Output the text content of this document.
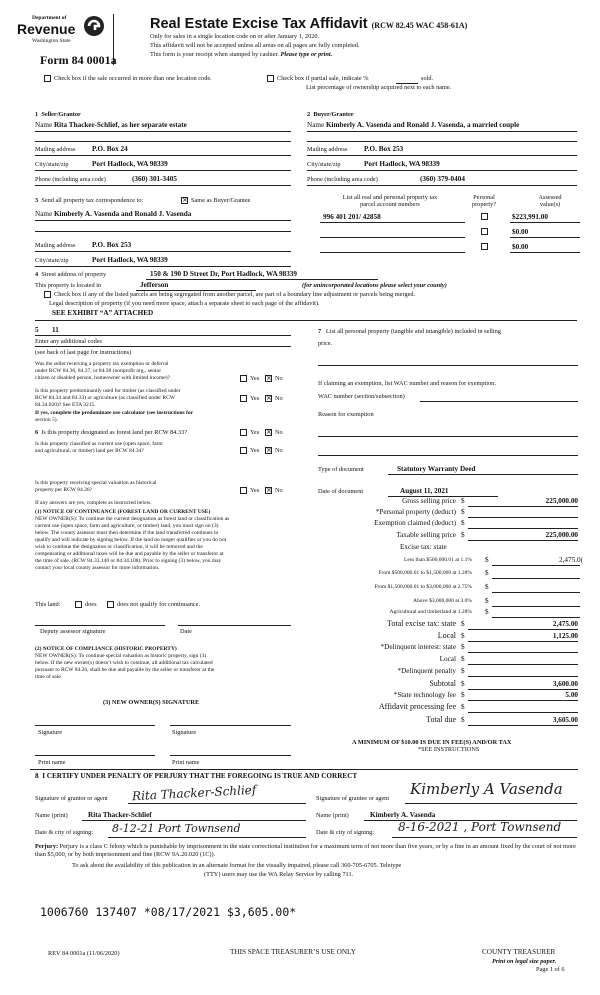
Department of
Revenue
Washington State
Form 84 0001a
Real Estate Excise Tax Affidavit (RCW 82.45 WAC 458-61A)
Only for sales in a single location code on or after January 1, 2020.
This affidavit will not be accepted unless all areas on all pages are fully completed.
This form is your receipt when stamped by cashier. Please type or print.
Check box if the sale occurred in more than one location code.	Check box if partial sale, indicate %	sold.
List percentage of ownership acquired next to each name.
1 Seller/Grantor
Name Rita Thacker-Schlief, as her separate estate
Mailing address P.O. Box 24
City/state/zip	Port Hadlock, WA 98339
Phone (including area code)	(360) 301-3405
2 Buyer/Grantee
Name Kimberly A. Vasenda and Ronald J. Vasenda, a married couple
Mailing address P.O. Box 253
City/state/zip	Port Hadlock, WA 98339
Phone (including area code)	(360) 379-0404
3 Send all property tax correspondence to:	× Same as Buyer/Grantee
Name Kimberly A. Vasenda and Ronald J. Vasenda
Mailing address P.O. Box 253
City/state/zip	Port Hadlock, WA 98339
List all real and personal property tax
parcel account numbers
Personal
property?
Assessed
value(s)
996 401 201/ 42858	$223,991.00
$0.00
$0.00
4 Street address of property	150 & 190 D Street Dr, Port Hadlock, WA 98339
This property is located in	Jefferson	(for unincorporated locations please select your county)
Check box if any of the listed parcels are being segregated from another parcel, are part of a boundary line adjustment or parcels being merged.
Legal description of property (if you need more space, attach a separate sheet to each page of the affidavit).
SEE EXHIBIT “A” ATTACHED
5 11
Enter any additional codes
(see back of last page for instructions)
Was the seller receiving a property tax exemption or deferral
under RCW 84.36, 84.37, or 84.38 (nonprofit org., senior
citizen or disabled person, homeowner with limited income)?	Yes × No
Is this property predominantly used for timber (as classified under
RCW 84.34 and 84.33) or agriculture (as classified under RCW
84.34.020)? See ETA 3215.
Yes × No
If yes, complete the predominate use calculator (see instructions for
section 5).
6 Is this property designated as forest land per RCW 84.33?	Yes × No
Is this property classified as current use (open space, farm
and agricultural, or timber) land per RCW 84.34?	Yes × No
Is this property receiving special valuation as historical
property per RCW 84.26?	Yes × No
If any answers are yes, complete as instructed below.
(1) NOTICE OF CONTINUANCE (FOREST LAND OR CURRENT USE)
NEW OWNER(S): To continue the current designation as forest land or classification as
current use (open space, farm and agriculture, or timber) land, you must sign on (3)
below. The county assessor must then determine if the land transferred continues to
qualify and will indicate by signing below. If the land no longer qualifies or you do not
wish to continue the designation or classification, it will be removed and the
compensating or additional taxes will be due and payable by the seller or transferor at
the time of sale. (RCW 84.33.140 or 84.34.108). Prior to signing (3) below, you may
contact your local county assessor for more information.
This land:	does	does not qualify for continuance.
Deputy assessor signature	Date
(2) NOTICE OF COMPLIANCE (HISTORIC PROPERTY)
NEW OWNER(S): To continue special valuation as historic property, sign (3)
below. If the new owner(s) doesn’t wish to continue, all additional tax calculated
pursuant to RCW 84.26, shall be due and payable by the seller or transferor at the
time of sale.
(3) NEW OWNER(S) SIGNATURE
Signature	Signature
Print name	Print name
7 List all personal property (tangible and intangible) included in selling
price.
If claiming an exemption, list WAC number and reason for exemption.
WAC number (section/subsection)
Reason for exemption
Type of document	Statutory Warranty Deed
Date of document	August 11, 2021
Gross selling price $	225,000.00
*Personal property (deduct) $
Exemption claimed (deduct) $
Taxable selling price $	225,000.00
Excise tax: state
Less than $500,000.01 at 1.1% $	2,475.0(
From $500,000.01 to $1,500,000 at 1.28% $
From $1,500,000.01 to $3,000,000 at 2.75% $
Above $3,000,000 at 3.0% $
Agricultural and timberland at 1.28% $
Total excise tax: state $	2,475.00
Local $	1,125.00
*Delinquent interest: state $
Local $
*Delinquent penalty $
Subtotal $	3,600.00
*State technology fee $	5.00
Affidavit processing fee $
Total due $	3,605.00
A MINIMUM OF $10.00 IS DUE IN FEE(S) AND/OR TAX
*SEE INSTRUCTIONS
8 I CERTIFY UNDER PENALTY OF PERJURY THAT THE FOREGOING IS TRUE AND CORRECT
Signature of grantor or agent Rita Thacker-Schlief	Signature of grantee or agent
Kimberly A Vasenda
Name (print)	Rita Thacker-Schlief	Name (print)	Kimberly A. Vasenda
Date & city of signing: 8-12-21 Port Townsend	Date & city of signing: 8-16-2021 , Port Townsend
Perjury: Perjury is a class C felony which is punishable by imprisonment in the state correctional institution for a maximum term of not more than five years, or by a fine in an amount fixed by the court of not more than $5,000, or by both imprisonment and fine (RCW 9A.20.020 (1C)).
To ask about the availability of this publication in an alternate format for the visually impaired, please call 360-705-6705. Teletype
(TTY) users may use the WA Relay Service by calling 711.
1006760 137407 *08/17/2021 $3,605.00*
REV 84 0001a (11/06/2020)	THIS SPACE TREASURER’S USE ONLY	COUNTY TREASURER
Print on legal size paper.
Page 1 of 6
